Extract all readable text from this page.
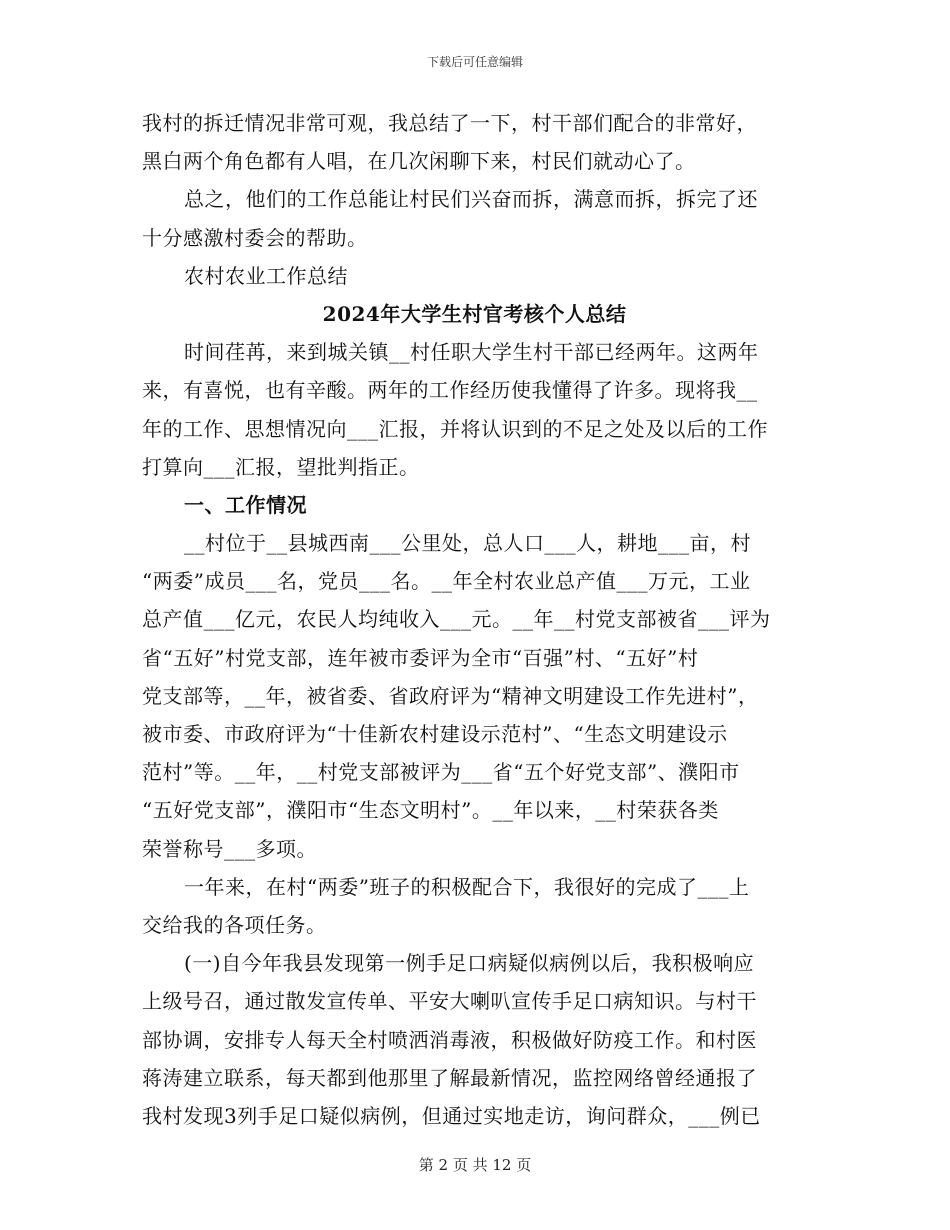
下载后可任意编辑
我村的拆迁情况非常可观，我总结了一下，村干部们配合的非常好，
黑白两个角色都有人唱，在几次闲聊下来，村民们就动心了。
总之，他们的工作总能让村民们兴奋而拆，满意而拆，拆完了还
十分感激村委会的帮助。
农村农业工作总结
2024年大学生村官考核个人总结
时间荏苒，来到城关镇__村任职大学生村干部已经两年。这两年
来，有喜悦，也有辛酸。两年的工作经历使我懂得了许多。现将我__
年的工作、思想情况向___汇报，并将认识到的不足之处及以后的工作
打算向___汇报，望批判指正。
一、工作情况
__村位于__县城西南___公里处，总人口___人，耕地___亩，村
“两委”成员___名，党员___名。__年全村农业总产值___万元，工业
总产值___亿元，农民人均纯收入___元。__年__村党支部被省___评为
省“五好”村党支部，连年被市委评为全市“百强”村、“五好”村
党支部等，__年，被省委、省政府评为“精神文明建设工作先进村”，
被市委、市政府评为“十佳新农村建设示范村”、“生态文明建设示
范村”等。__年，__村党支部被评为___省“五个好党支部”、濮阳市
“五好党支部”，濮阳市“生态文明村”。__年以来，__村荣获各类
荣誉称号___多项。
一年来，在村“两委”班子的积极配合下，我很好的完成了___上
交给我的各项任务。
(一)自今年我县发现第一例手足口病疑似病例以后，我积极响应
上级号召，通过散发宣传单、平安大喇叭宣传手足口病知识。与村干
部协调，安排专人每天全村喷洒消毒液，积极做好防疫工作。和村医
蒋涛建立联系，每天都到他那里了解最新情况，监控网络曾经通报了
我村发现3列手足口疑似病例，但通过实地走访，询问群众，___例已
第 2 页 共 12 页
